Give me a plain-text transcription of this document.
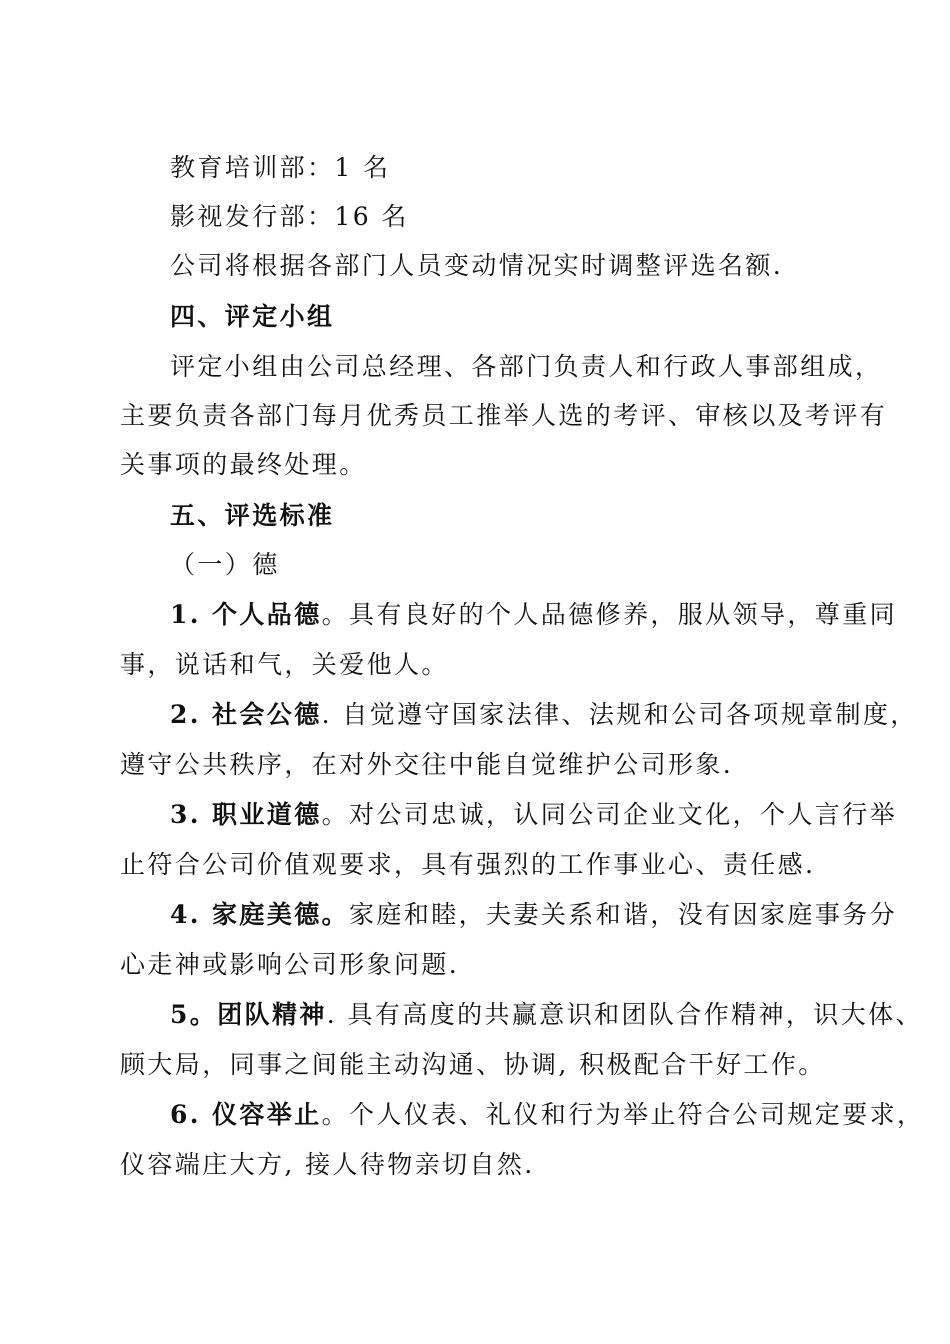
教育培训部：1 名
影视发行部：16 名
公司将根据各部门人员变动情况实时调整评选名额.
四、评定小组
评定小组由公司总经理、各部门负责人和行政人事部组成，
主要负责各部门每月优秀员工推举人选的考评、审核以及考评有
关事项的最终处理。
五、评选标准
（一）德
1. 个人品德。具有良好的个人品德修养，服从领导，尊重同
事，说话和气，关爱他人。
2. 社会公德. 自觉遵守国家法律、法规和公司各项规章制度，
遵守公共秩序，在对外交往中能自觉维护公司形象.
3. 职业道德。对公司忠诚，认同公司企业文化，个人言行举
止符合公司价值观要求，具有强烈的工作事业心、责任感.
4. 家庭美德。家庭和睦，夫妻关系和谐，没有因家庭事务分
心走神或影响公司形象问题.
5。团队精神. 具有高度的共赢意识和团队合作精神，识大体、
顾大局，同事之间能主动沟通、协调, 积极配合干好工作。
6. 仪容举止。个人仪表、礼仪和行为举止符合公司规定要求，
仪容端庄大方, 接人待物亲切自然.
